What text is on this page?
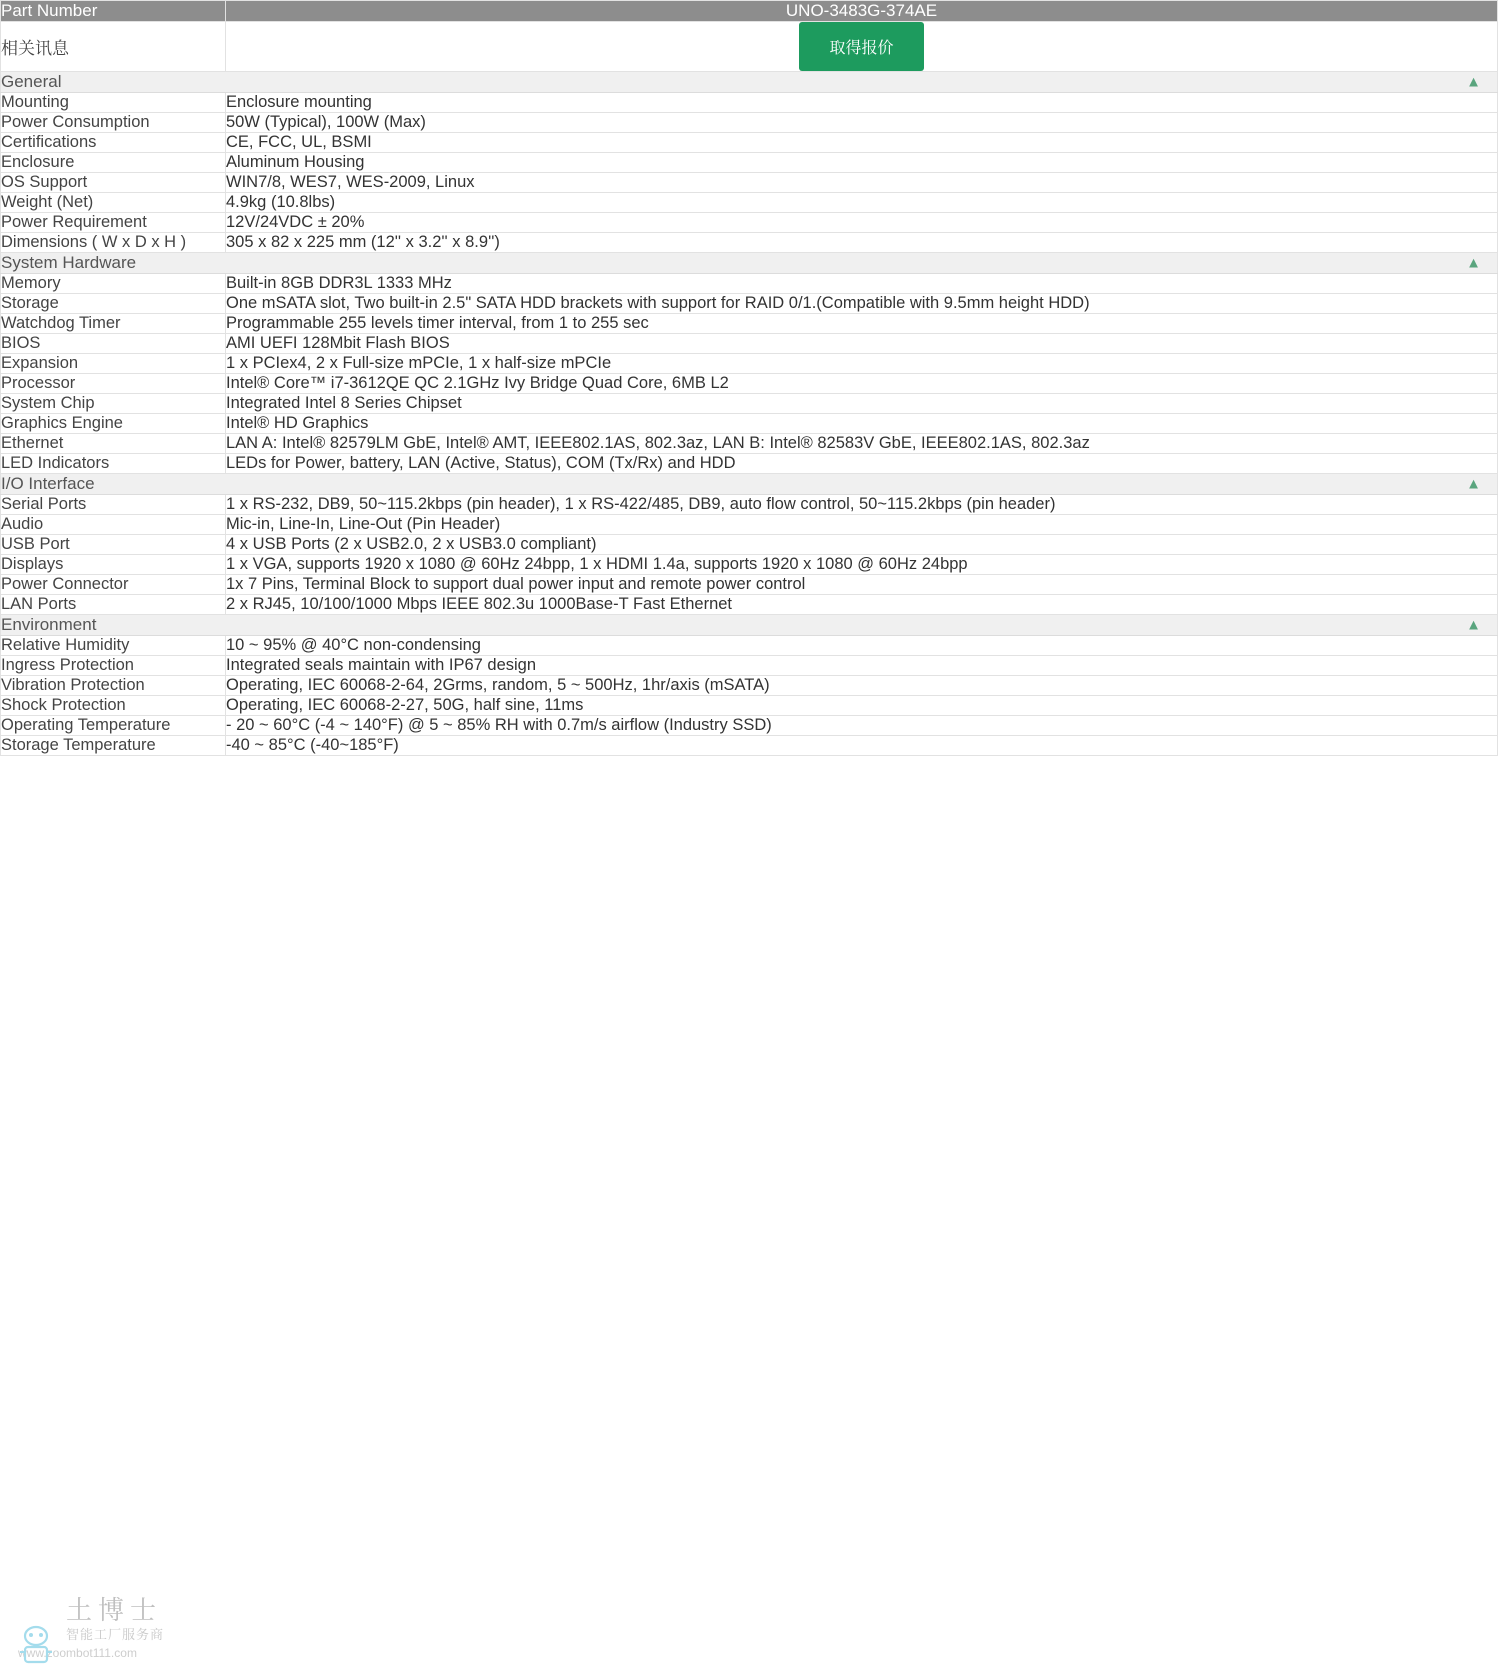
Part Number	UNO-3483G-374AE
相关讯息	取得报价
General ▲	

Mounting	Enclosure mounting
Power Consumption	50W (Typical), 100W (Max)
Certifications	CE, FCC, UL, BSMI
Enclosure	Aluminum Housing
OS Support	WIN7/8, WES7, WES-2009, Linux
Weight (Net)	4.9kg (10.8lbs)
Power Requirement	12V/24VDC ± 20%
Dimensions ( W x D x H )	305 x 82 x 225 mm (12'' x 3.2'' x 8.9'')
System Hardware ▲	

Memory	Built-in 8GB DDR3L 1333 MHz
Storage	One mSATA slot, Two built-in 2.5" SATA HDD brackets with support for RAID 0/1.(Compatible with 9.5mm height HDD)
Watchdog Timer	Programmable 255 levels timer interval, from 1 to 255 sec
BIOS	AMI UEFI 128Mbit Flash BIOS
Expansion	1 x PCIex4, 2 x Full-size mPCIe, 1 x half-size mPCIe
Processor	Intel® Core™ i7-3612QE QC 2.1GHz Ivy Bridge Quad Core, 6MB L2
System Chip	Integrated Intel 8 Series Chipset
Graphics Engine	Intel® HD Graphics
Ethernet	LAN A: Intel® 82579LM GbE, Intel® AMT, IEEE802.1AS, 802.3az, LAN B: Intel® 82583V GbE, IEEE802.1AS, 802.3az
LED Indicators	LEDs for Power, battery, LAN (Active, Status), COM (Tx/Rx) and HDD
I/O Interface ▲	

Serial Ports	1 x RS-232, DB9, 50~115.2kbps (pin header), 1 x RS-422/485, DB9, auto flow control, 50~115.2kbps (pin header)
Audio	Mic-in, Line-In, Line-Out (Pin Header)
USB Port	4 x USB Ports (2 x USB2.0, 2 x USB3.0 compliant)
Displays	1 x VGA, supports 1920 x 1080 @ 60Hz 24bpp, 1 x HDMI 1.4a, supports 1920 x 1080 @ 60Hz 24bpp
Power Connector	1x 7 Pins, Terminal Block to support dual power input and remote power control
LAN Ports	2 x RJ45, 10/100/1000 Mbps IEEE 802.3u 1000Base-T Fast Ethernet
Environment ▲	

Relative Humidity	10 ~ 95% @ 40°C non-condensing
Ingress Protection	Integrated seals maintain with IP67 design
Vibration Protection	Operating, IEC 60068-2-64, 2Grms, random, 5 ~ 500Hz, 1hr/axis (mSATA)
Shock Protection	Operating, IEC 60068-2-27, 50G, half sine, 11ms
Operating Temperature	- 20 ~ 60°C (-4 ~ 140°F) @ 5 ~ 85% RH with 0.7m/s airflow (Industry SSD)
Storage Temperature	-40 ~ 85°C (-40~185°F)
土博士
智能工厂服务商
www.zoombot111.com
